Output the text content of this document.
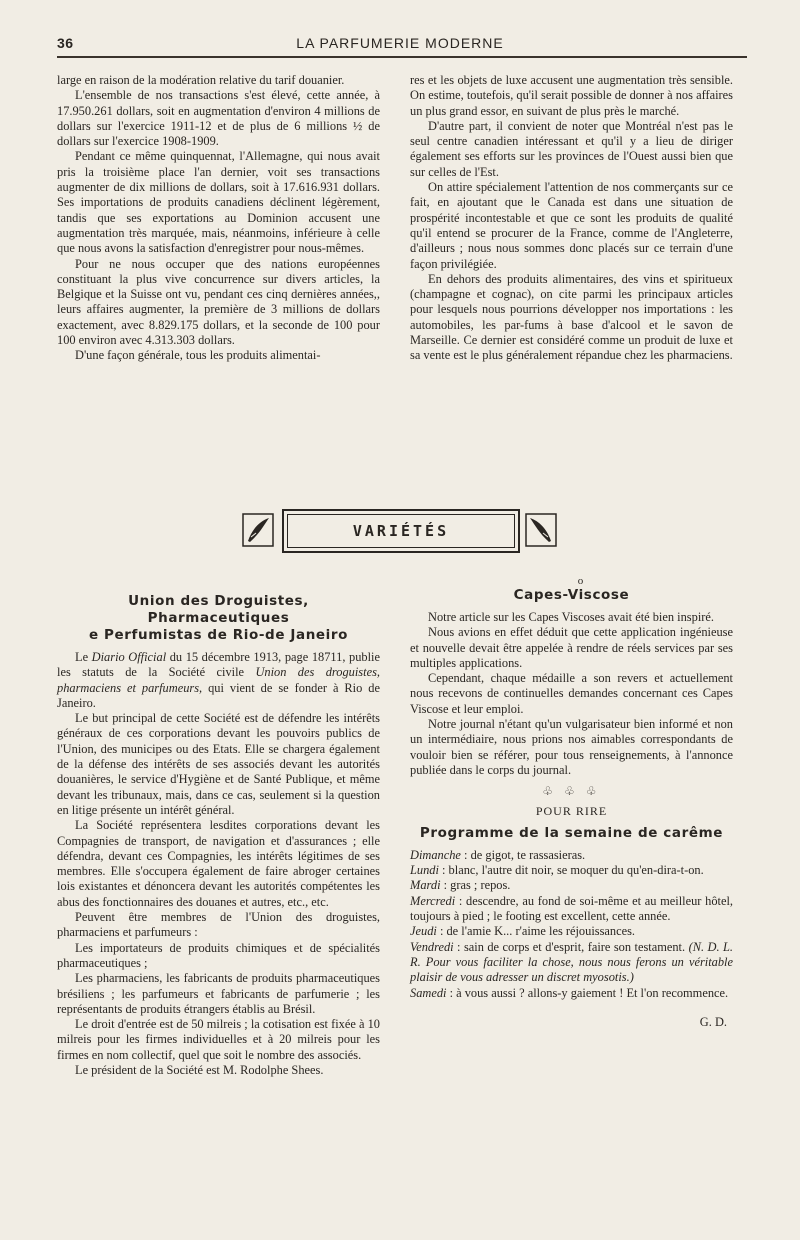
36	LA PARFUMERIE MODERNE

large en raison de la modération relative du tarif douanier.

L'ensemble de nos transactions s'est élevé, cette année, à 17.950.261 dollars, soit en augmentation d'environ 4 millions de dollars sur l'exercice 1911-12 et de plus de 6 millions ½ de dollars sur l'exercice 1908-1909.

Pendant ce même quinquennat, l'Allemagne, qui nous avait pris la troisième place l'an dernier, voit ses transactions augmenter de dix millions de dollars, soit à 17.616.931 dollars. Ses importations de produits canadiens déclinent légèrement, tandis que ses exportations au Dominion accusent une augmentation très marquée, mais, néanmoins, inférieure à celle que nous avons la satisfaction d'enregistrer pour nous-mêmes.

Pour ne nous occuper que des nations européennes constituant la plus vive concurrence sur divers articles, la Belgique et la Suisse ont vu, pendant ces cinq dernières années,, leurs affaires augmenter, la première de 3 millions de dollars exactement, avec 8.829.175 dollars, et la seconde de 100 pour 100 environ avec 4.313.303 dollars.

D'une façon générale, tous les produits alimentai-

res et les objets de luxe accusent une augmentation très sensible. On estime, toutefois, qu'il serait possible de donner à nos affaires un plus grand essor, en suivant de plus près le marché.

D'autre part, il convient de noter que Montréal n'est pas le seul centre canadien intéressant et qu'il y a lieu de diriger également ses efforts sur les provinces de l'Ouest aussi bien que sur celles de l'Est.

On attire spécialement l'attention de nos commerçants sur ce fait, en ajoutant que le Canada est dans une situation de prospérité incontestable et que ce sont les produits de qualité qu'il entend se procurer de la France, comme de l'Angleterre, d'ailleurs ; nous nous sommes donc placés sur ce terrain d'une façon privilégiée.

En dehors des produits alimentaires, des vins et spiritueux (champagne et cognac), on cite parmi les principaux articles pour lesquels nous pourrions développer nos importations : les automobiles, les par-fums à base d'alcool et le savon de Marseille. Ce dernier est considéré comme un produit de luxe et sa vente est le plus généralement répandue chez les pharmaciens.

VARIÉTÉS
Union des Droguistes, Pharmaceutiques
e Perfumistas de Rio-de Janeiro

Le Diario Official du 15 décembre 1913, page 18711, publie les statuts de la Société civile Union des droguistes, pharmaciens et parfumeurs, qui vient de se fonder à Rio de Janeiro.

Le but principal de cette Société est de défendre les intérêts généraux de ces corporations devant les pouvoirs publics de l'Union, des municipes ou des Etats. Elle se chargera également de la défense des intérêts de ses associés devant les autorités douanières, le service d'Hygiène et de Santé Publique, et même devant les tribunaux, mais, dans ce cas, seulement si la question en litige présente un intérêt général.

La Société représentera lesdites corporations devant les Compagnies de transport, de navigation et d'assurances ; elle défendra, devant ces Compagnies, les intérêts légitimes de ses membres. Elle s'occupera également de faire abroger certaines lois existantes et dénoncera devant les autorités compétentes les abus des fonctionnaires des douanes et autres, etc., etc.

Peuvent être membres de l'Union des droguistes, pharmaciens et parfumeurs :

Les importateurs de produits chimiques et de spécialités pharmaceutiques ;

Les pharmaciens, les fabricants de produits pharmaceutiques brésiliens ; les parfumeurs et fabricants de parfumerie ; les représentants de produits étrangers établis au Brésil.

Le droit d'entrée est de 50 milreis ; la cotisation est fixée à 10 milreis pour les firmes individuelles et à 20 milreis pour les firmes en nom collectif, quel que soit le nombre des associés.

Le président de la Société est M. Rodolphe Shees.

o

Capes-Viscose

Notre article sur les Capes Viscoses avait été bien inspiré.

Nous avions en effet déduit que cette application ingénieuse et nouvelle devait être appelée à rendre de réels services par ses multiples applications.

Cependant, chaque médaille a son revers et actuellement nous recevons de continuelles demandes concernant ces Capes Viscose et leur emploi.

Notre journal n'étant qu'un vulgarisateur bien informé et non un intermédiaire, nous prions nos aimables correspondants de vouloir bien se référer, pour tous renseignements, à l'annonce publiée dans le corps du journal.

♧ ♧ ♧
POUR RIRE
Programme de la semaine de carême

Dimanche : de gigot, te rassasieras.

Lundi : blanc, l'autre dit noir, se moquer du qu'en-dira-t-on.

Mardi : gras ; repos.

Mercredi : descendre, au fond de soi-même et au meilleur hôtel, toujours à pied ; le footing est excellent, cette année.

Jeudi : de l'amie K... r'aime les réjouissances.

Vendredi : sain de corps et d'esprit, faire son testament. (N. D. L. R. Pour vous faciliter la chose, nous nous ferons un véritable plaisir de vous adresser un discret myosotis.)

Samedi : à vous aussi ? allons-y gaiement ! Et l'on recommence.

G. D.
